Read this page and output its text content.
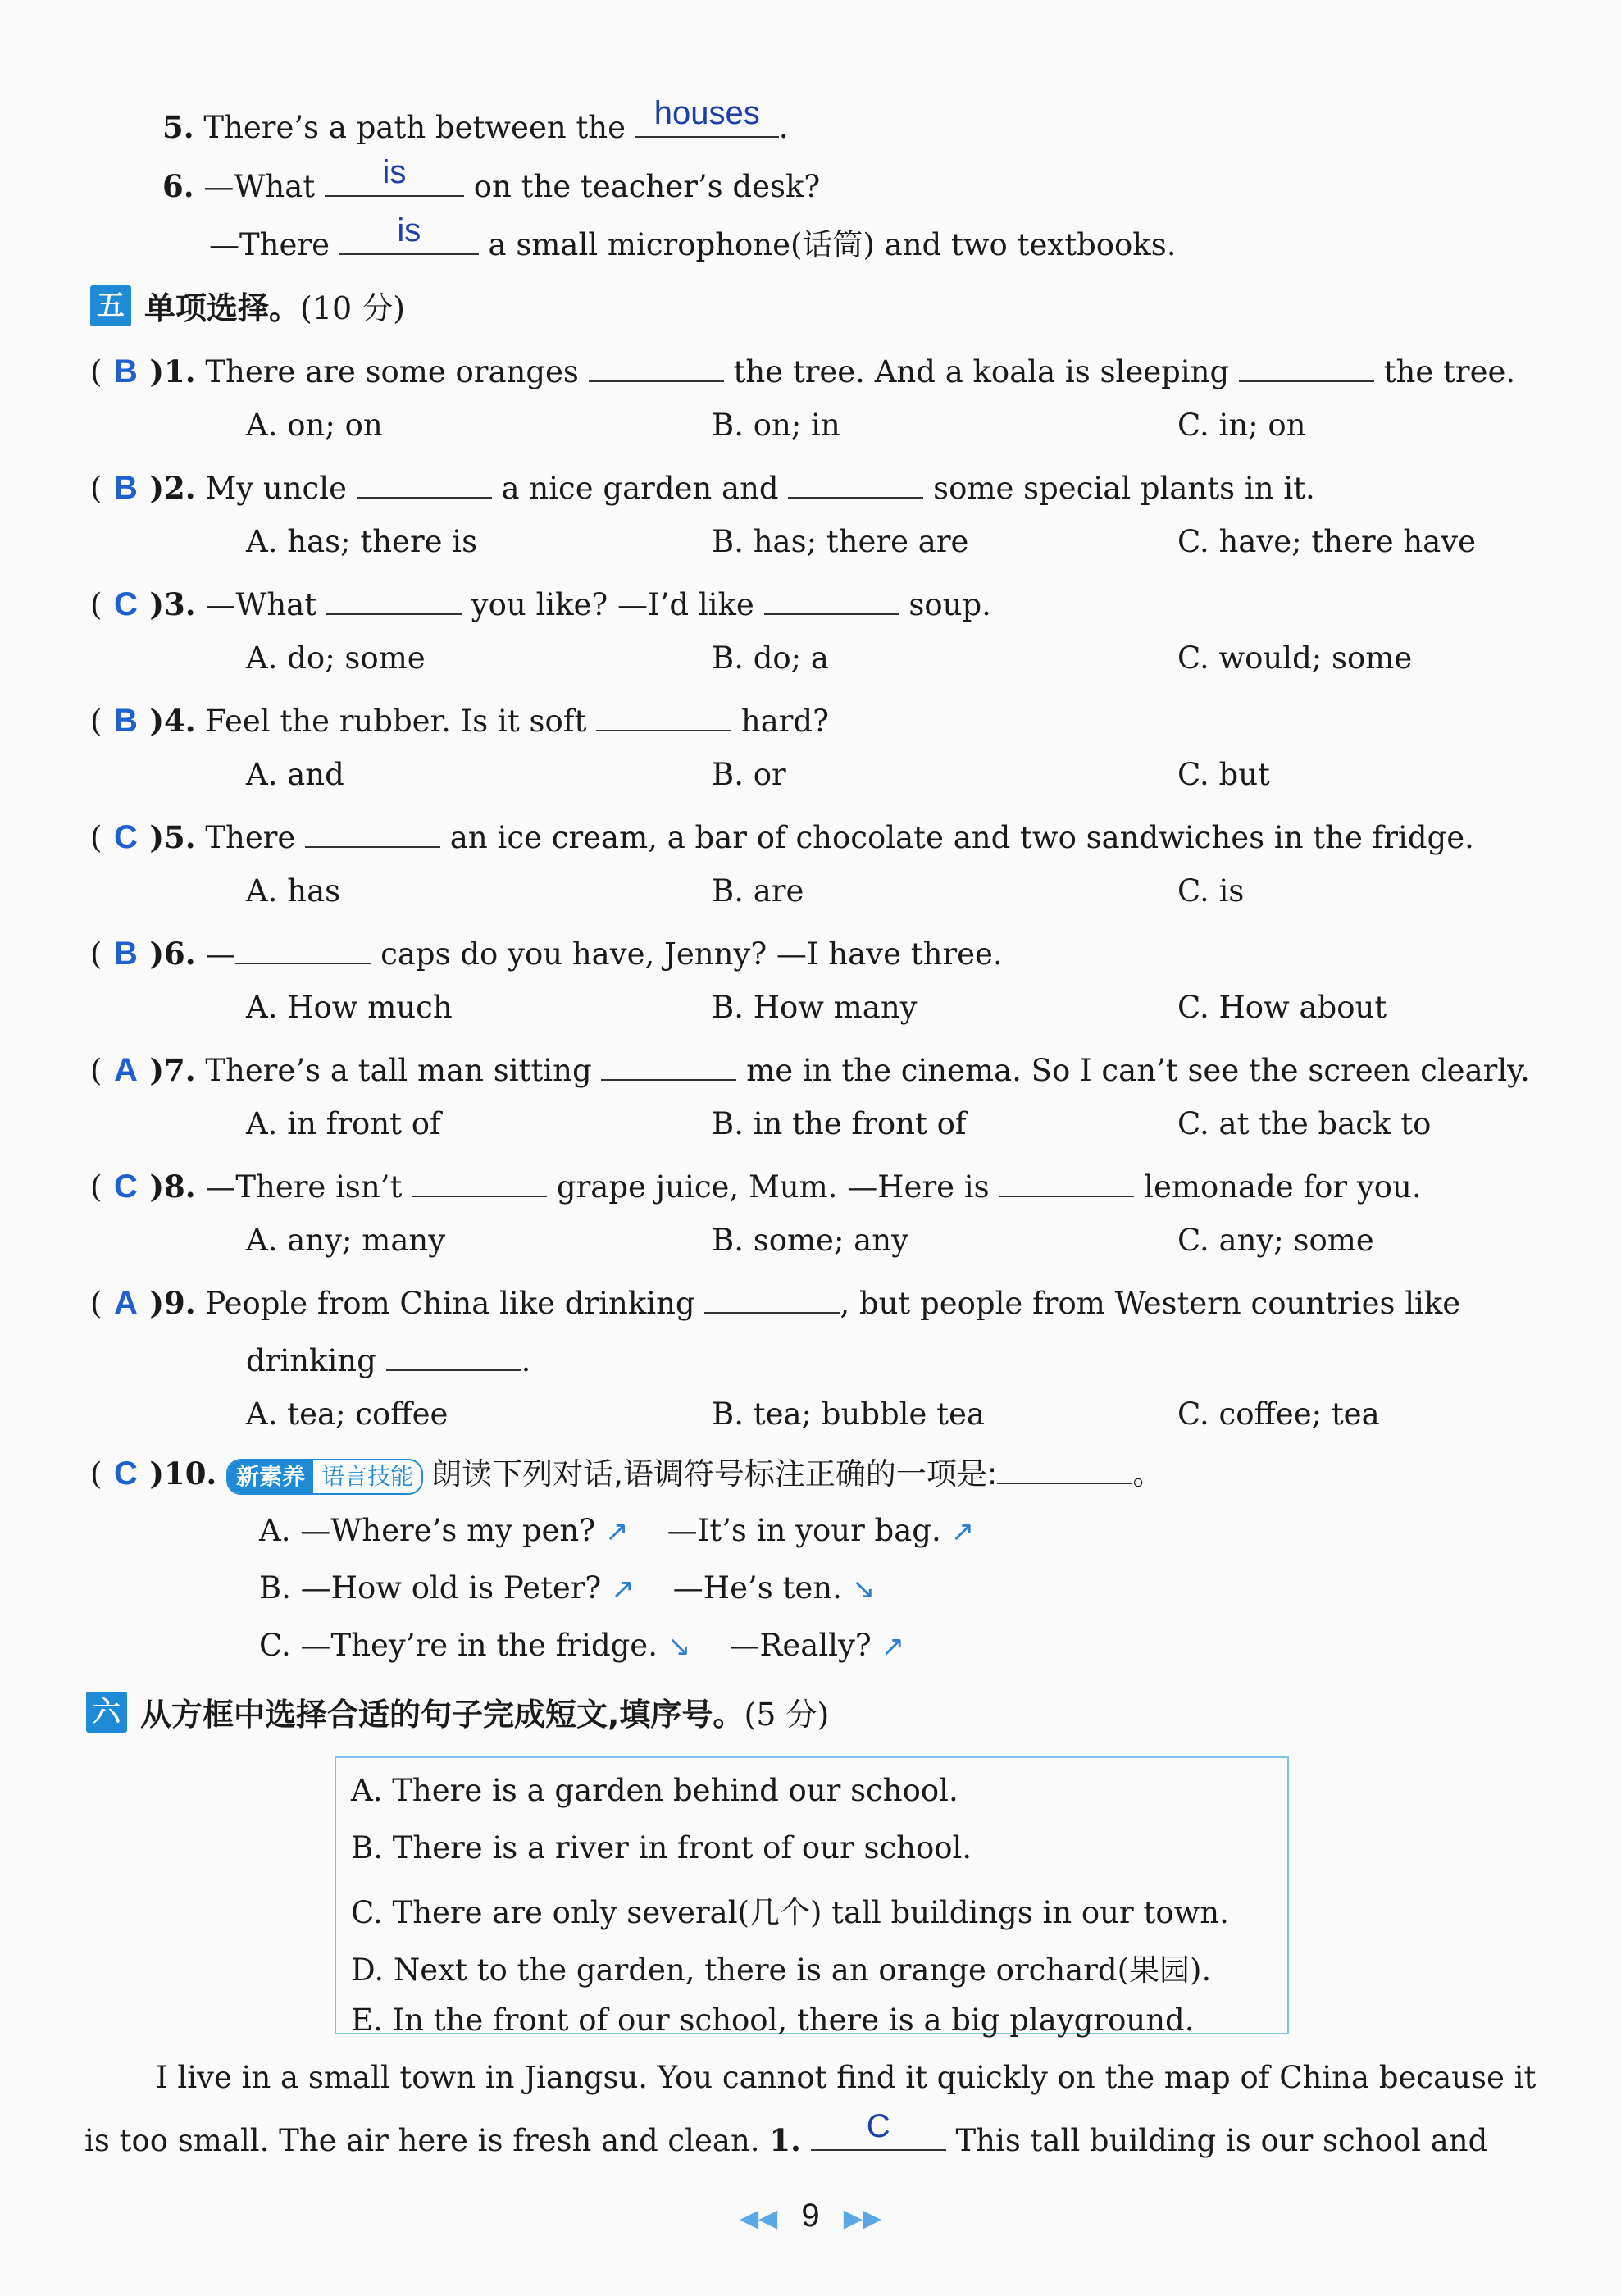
5. There’s a path between the houses .
6. —What	is	on the teacher’s desk?
—There	is	a small microphone(话筒) and two textbooks.
五 单项选择。 (10 分)
( B )1. There are some oranges	the tree. And a koala is sleeping	the tree.
A. on; on	B. on; in	C. in; on
( B )2. My uncle	a nice garden and	some special plants in it.
A. has; there is	B. has; there are	C. have; there have
( C )3. —What	you like? —I’d like	soup.
A. do; some	B. do; a	C. would; some
( B )4. Feel the rubber. Is it soft	hard?
A. and	B. or	C. but
( C )5. There	an ice cream, a bar of chocolate and two sandwiches in the fridge.
A. has	B. are	C. is
( B )6. —	caps do you have, Jenny? —I have three.
A. How much	B. How many	C. How about
( A )7. There’s a tall man sitting	me in the cinema. So I can’t see the screen clearly.
A. in front of	B. in the front of	C. at the back to
( C )8. —There isn’t	grape juice, Mum. —Here is	lemonade for you.
A. any; many	B. some; any	C. any; some
( A )9. People from China like drinking	, but people from Western countries like
drinking	.
A. tea; coffee	B. tea; bubble tea	C. coffee; tea
( C )10. 新素养 语言技能 朗读下列对话,语调符号标注正确的一项是:	。
A. —Where’s my pen? ↗ —It’s in your bag. ↗
B. —How old is Peter? ↗ —He’s ten. ↘
C. —They’re in the fridge. ↘ —Really? ↗
六 从方框中选择合适的句子完成短文,填序号。 (5 分)
A. There is a garden behind our school.
B. There is a river in front of our school.
C. There are only several(几个) tall buildings in our town.
D. Next to the garden, there is an orange orchard(果园).
E. In the front of our school, there is a big playground.
I live in a small town in Jiangsu. You cannot find it quickly on the map of China because it
is too small. The air here is fresh and clean. 1.	C	This tall building is our school and
◀◀ 9 ▶▶
